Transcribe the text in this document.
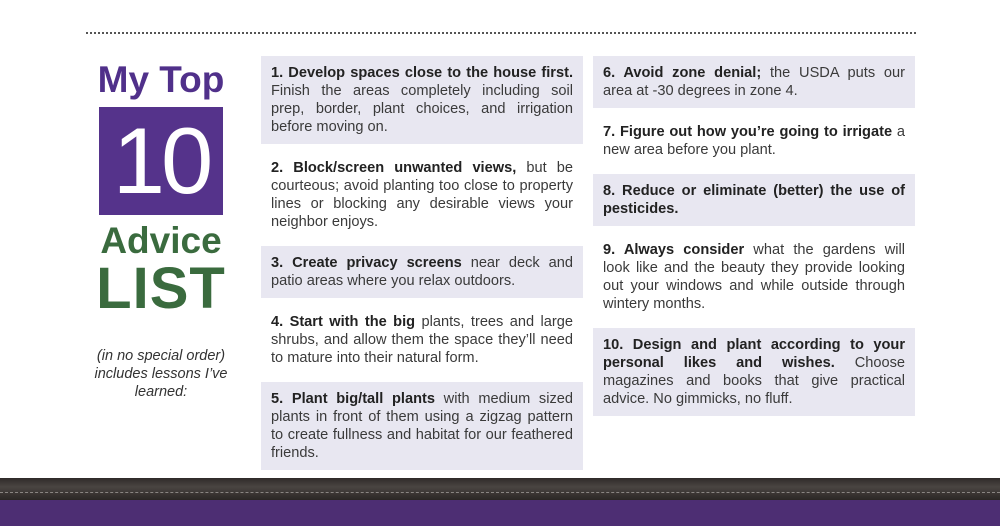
My Top
10
Advice
LIST
(in no special order) includes lessons I’ve learned:
1. Develop spaces close to the house first. Finish the areas completely including soil prep, border, plant choices, and irrigation before moving on.
2. Block/screen unwanted views, but be courteous; avoid planting too close to property lines or blocking any desirable views your neighbor enjoys.
3. Create privacy screens near deck and patio areas where you relax outdoors.
4. Start with the big plants, trees and large shrubs, and allow them the space they’ll need to mature into their natural form.
5. Plant big/tall plants with medium sized plants in front of them using a zigzag pattern to create fullness and habitat for our feathered friends.
6. Avoid zone denial; the USDA puts our area at -30 degrees in zone 4.
7. Figure out how you’re going to irrigate a new area before you plant.
8. Reduce or eliminate (better) the use of pesticides.
9. Always consider what the gardens will look like and the beauty they provide looking out your windows and while outside through wintery months.
10. Design and plant according to your personal likes and wishes. Choose magazines and books that give practical advice. No gimmicks, no fluff.
